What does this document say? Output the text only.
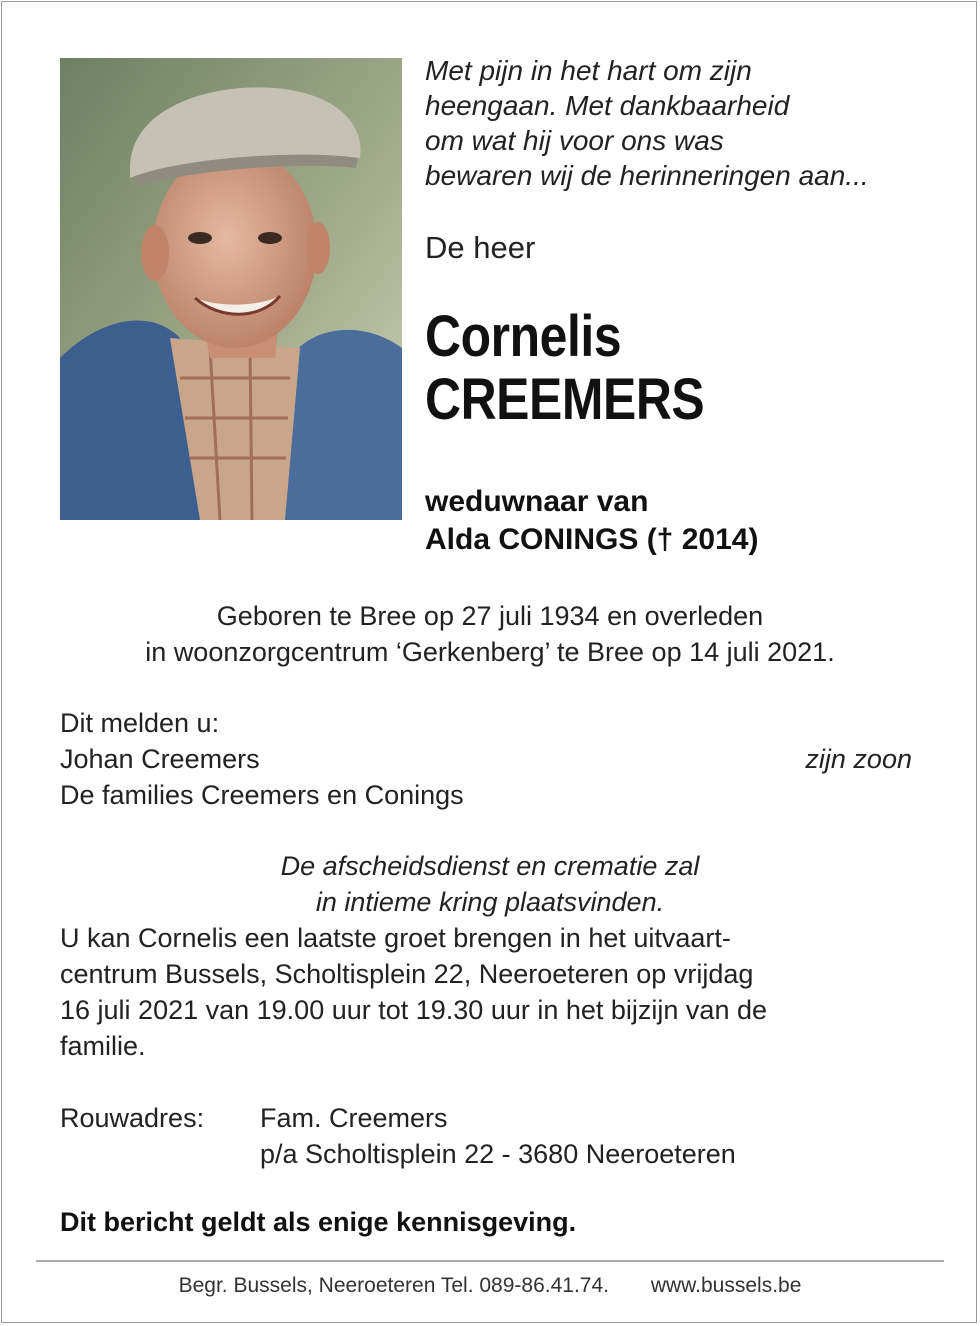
Met pijn in het hart om zijn
heengaan. Met dankbaarheid
om wat hij voor ons was
bewaren wij de herinneringen aan...
De heer
Cornelis
CREEMERS
weduwnaar van
Alda CONINGS († 2014)
Geboren te Bree op 27 juli 1934 en overleden
in woonzorgcentrum ‘Gerkenberg’ te Bree op 14 juli 2021.
Dit melden u:
Johan Creemers	zijn zoon
De families Creemers en Conings
De afscheidsdienst en crematie zal
in intieme kring plaatsvinden.
U kan Cornelis een laatste groet brengen in het uitvaart-
centrum Bussels, Scholtisplein 22, Neeroeteren op vrijdag
16 juli 2021 van 19.00 uur tot 19.30 uur in het bijzijn van de
familie.
Rouwadres:	Fam. Creemers
p/a Scholtisplein 22 - 3680 Neeroeteren
Dit bericht geldt als enige kennisgeving.
Begr. Bussels, Neeroeteren Tel. 089-86.41.74. www.bussels.be
